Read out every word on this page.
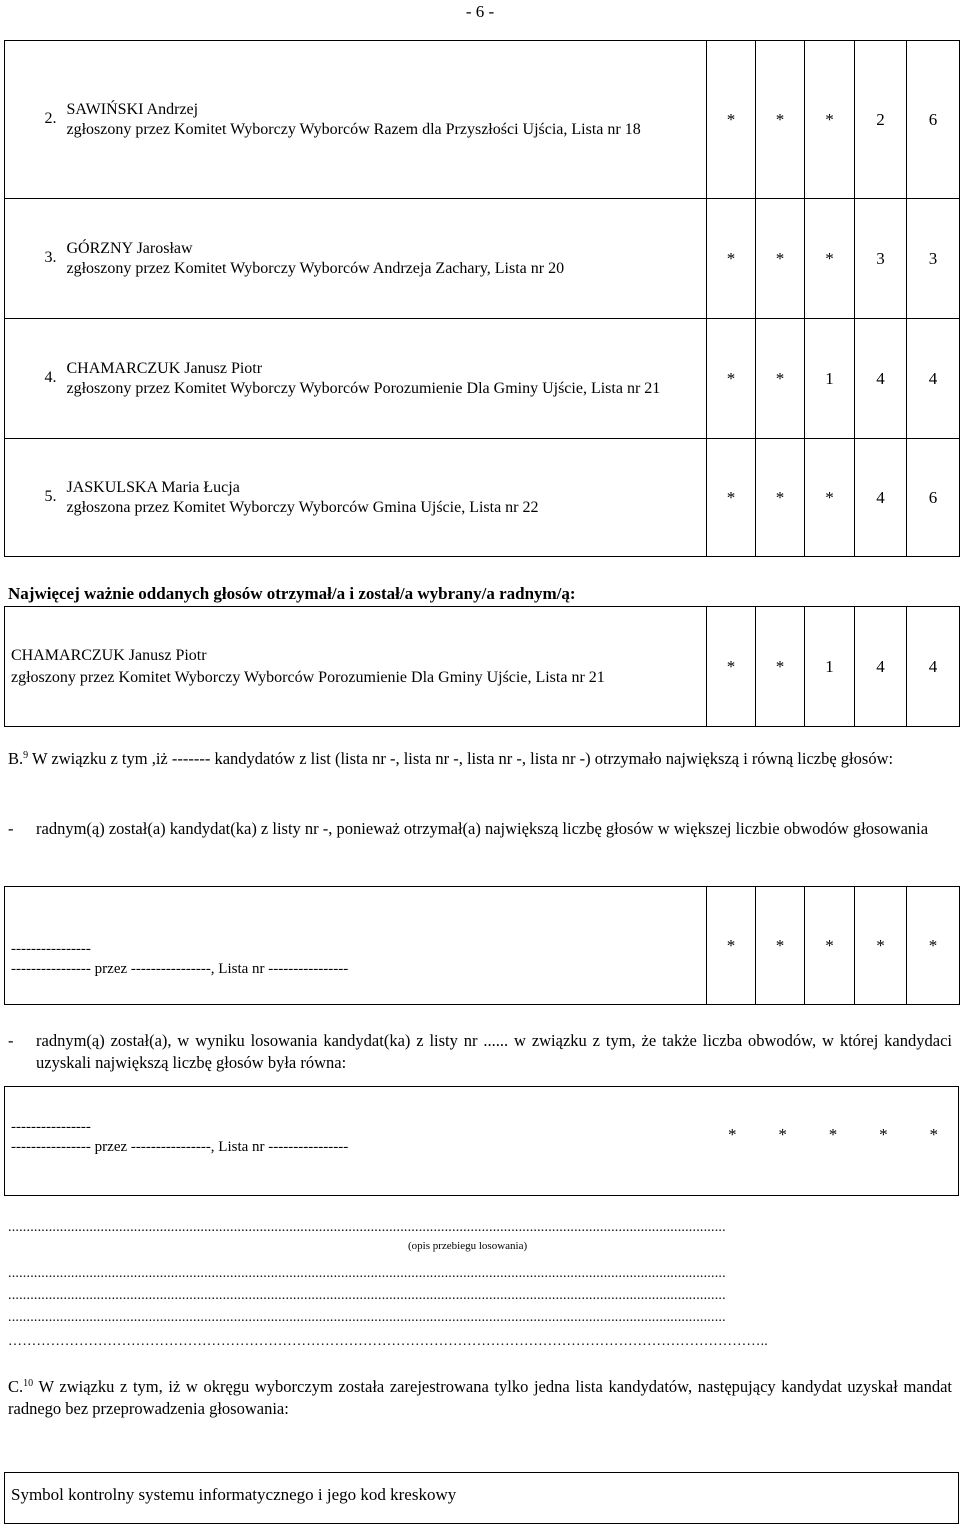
- 6 -
2.	SAWIŃSKI Andrzej
zgłoszony przez Komitet Wyborczy Wyborców Razem dla Przyszłości Ujścia, Lista nr 18	*	*	*	2	6
3.	GÓRZNY Jarosław
zgłoszony przez Komitet Wyborczy Wyborców Andrzeja Zachary, Lista nr 20	*	*	*	3	3
4.	CHAMARCZUK Janusz Piotr
zgłoszony przez Komitet Wyborczy Wyborców Porozumienie Dla Gminy Ujście, Lista nr 21	*	*	1	4	4
5.	JASKULSKA Maria Łucja
zgłoszona przez Komitet Wyborczy Wyborców Gmina Ujście, Lista nr 22	*	*	*	4	6
Najwięcej ważnie oddanych głosów otrzymał/a i został/a wybrany/a radnym/ą:
CHAMARCZUK Janusz Piotr
zgłoszony przez Komitet Wyborczy Wyborców Porozumienie Dla Gminy Ujście, Lista nr 21
	*	*	1	4	4
B.$^9$ W związku z tym ,iż ------- kandydatów z list (lista nr -, lista nr -, lista nr -, lista nr -) otrzymało największą i równą liczbę głosów:
- radnym(ą) został(a) kandydat(ka) z listy nr -, ponieważ otrzymał(a) największą liczbę głosów w większej liczbie obwodów głosowania
----------------
---------------- przez ----------------, Lista nr ----------------
	*	*	*	*	*
- radnym(ą) został(a), w wyniku losowania kandydat(ka) z listy nr ...... w związku z tym, że także liczba obwodów, w której kandydaci uzyskali największą liczbę głosów była równa:
----------------
---------------- przez ----------------, Lista nr ----------------
* * * * *
..................................................................................................................................................................................................
(opis przebiegu losowania)
..................................................................................................................................................................................................
..................................................................................................................................................................................................
..................................................................................................................................................................................................
……………………………………………………………………………………………………………………………………………..
C.$^{10}$ W związku z tym, iż w okręgu wyborczym została zarejestrowana tylko jedna lista kandydatów, następujący kandydat uzyskał mandat radnego bez przeprowadzenia głosowania:
Symbol kontrolny systemu informatycznego i jego kod kreskowy
